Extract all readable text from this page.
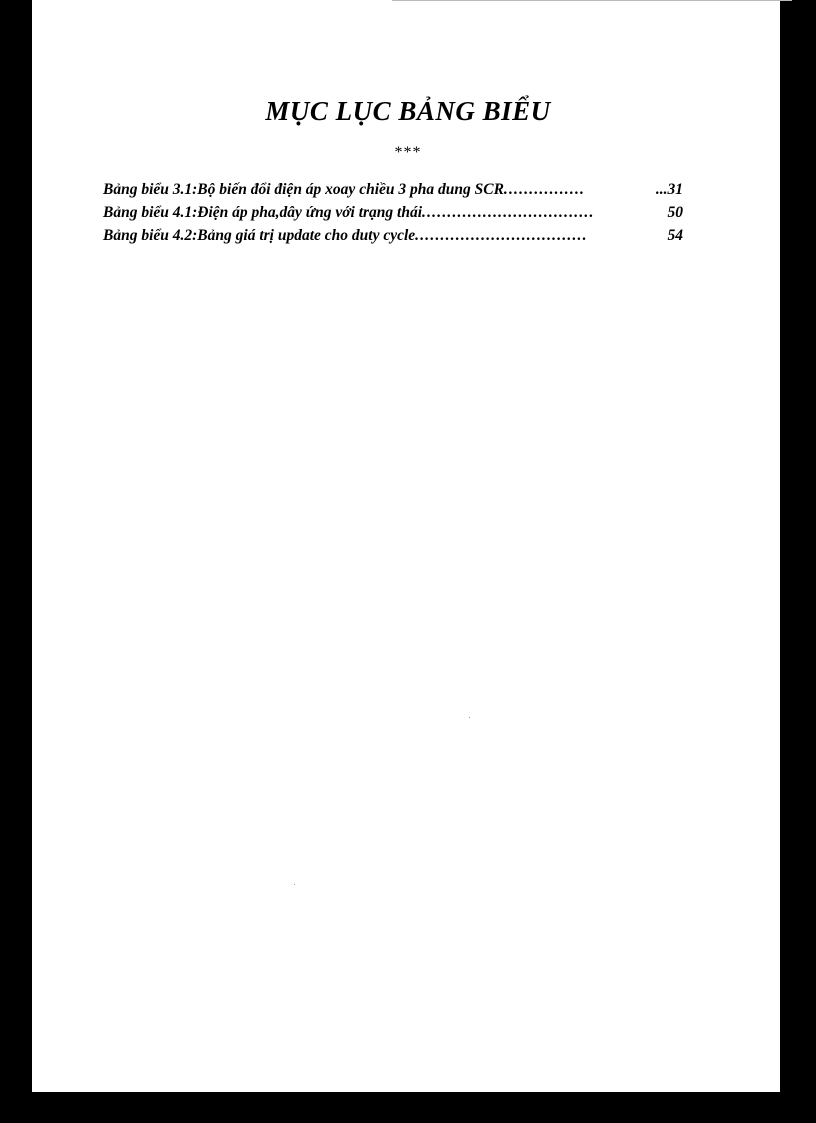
MỤC LỤC BẢNG BIỂU
***
Bảng biểu 3.1:Bộ biến đổi điện áp xoay chiều 3 pha dung SCR ................	...31
Bảng biểu 4.1:Điện áp pha,dây ứng với trạng thái ..................................	50
Bảng biểu 4.2:Bảng giá trị update cho duty cycle ..................................	54
